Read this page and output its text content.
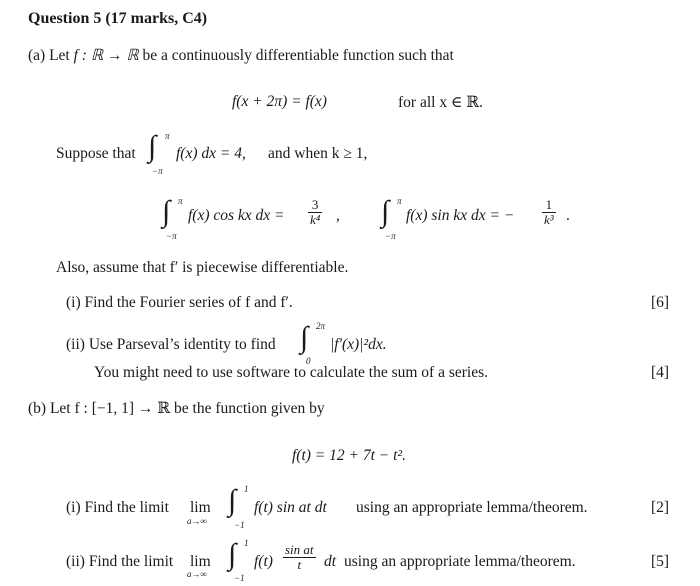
Question 5 (17 marks, C4)
(a) Let f : ℝ → ℝ be a continuously differentiable function such that
f(x + 2π) = f(x)	for all x ∈ ℝ.
Suppose that ∫ π
−π
f(x) dx = 4, and when k ≥ 1,
∫ π
−π
f(x) cos kx dx = $\frac{3}{\text{k⁴}}$ , ∫ π
−π
f(x) sin kx dx = − $\frac{1}{\text{k³}}$ .
Also, assume that f′ is piecewise differentiable.
(i) Find the Fourier series of f and f′.	[6]
(ii) Use Parseval’s identity to find ∫ 2π
0
|f′(x)|²dx.
You might need to use software to calculate the sum of a series.	[4]
(b) Let f : [−1, 1] → ℝ be the function given by
f(t) = 12 + 7t − t².
(i) Find the limit lim
a→∞
∫ 1
−1
f(t) sin at dt using an appropriate lemma/theorem.	[2]
(ii) Find the limit lim
a→∞
∫ 1
−1
$f(t) \frac{\text{sin at}}{t}$ dt using an appropriate lemma/theorem.	[5]
